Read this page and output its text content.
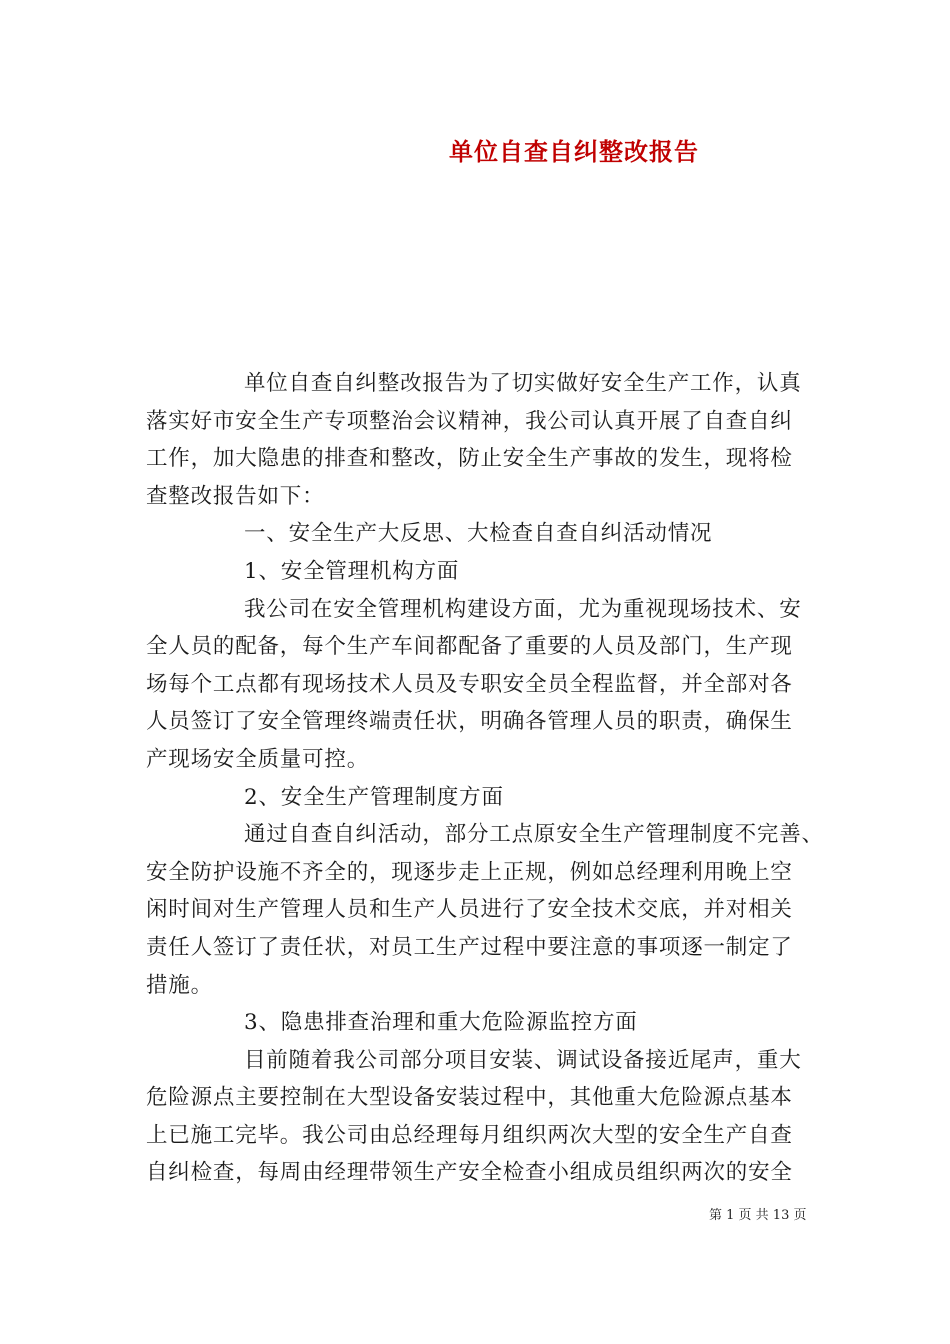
单位自查自纠整改报告
单位自查自纠整改报告为了切实做好安全生产工作，认真
落实好市安全生产专项整治会议精神，我公司认真开展了自查自纠
工作，加大隐患的排查和整改，防止安全生产事故的发生，现将检
查整改报告如下：
一、安全生产大反思、大检查自查自纠活动情况
1、安全管理机构方面
我公司在安全管理机构建设方面，尤为重视现场技术、安
全人员的配备，每个生产车间都配备了重要的人员及部门，生产现
场每个工点都有现场技术人员及专职安全员全程监督，并全部对各
人员签订了安全管理终端责任状，明确各管理人员的职责，确保生
产现场安全质量可控。
2、安全生产管理制度方面
通过自查自纠活动，部分工点原安全生产管理制度不完善、
安全防护设施不齐全的，现逐步走上正规，例如总经理利用晚上空
闲时间对生产管理人员和生产人员进行了安全技术交底，并对相关
责任人签订了责任状，对员工生产过程中要注意的事项逐一制定了
措施。
3、隐患排查治理和重大危险源监控方面
目前随着我公司部分项目安装、调试设备接近尾声，重大
危险源点主要控制在大型设备安装过程中，其他重大危险源点基本
上已施工完毕。我公司由总经理每月组织两次大型的安全生产自查
自纠检查，每周由经理带领生产安全检查小组成员组织两次的安全
第 1 页 共 13 页
